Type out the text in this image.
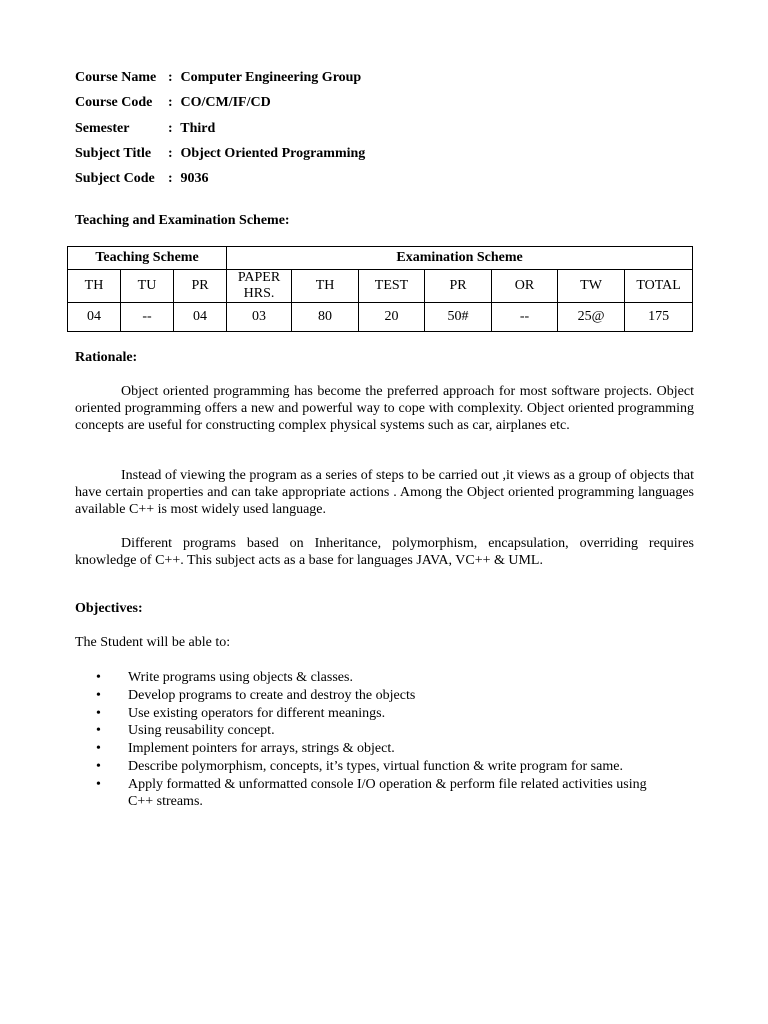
Course Name : Computer Engineering Group
Course Code : CO/CM/IF/CD
Semester	: Third
Subject Title : Object Oriented Programming
Subject Code : 9036
Teaching and Examination Scheme:
Teaching Scheme			Examination Scheme						
TH	TU	PR	PAPER HRS.	TH	TEST	PR	OR	TW	TOTAL
04	--	04	03	80	20	50#	--	25@	175
Rationale:
Object oriented programming has become the preferred approach for most software projects. Object oriented programming offers a new and powerful way to cope with complexity. Object oriented programming concepts are useful for constructing complex physical systems such as car, airplanes etc.
Instead of viewing the program as a series of steps to be carried out ,it views as a group of objects that have certain properties and can take appropriate actions . Among the Object oriented programming languages available C++ is most widely used language.
Different programs based on Inheritance, polymorphism, encapsulation, overriding requires knowledge of C++. This subject acts as a base for languages JAVA, VC++ & UML.
Objectives:
The Student will be able to:
• Write programs using objects & classes.
• Develop programs to create and destroy the objects
• Use existing operators for different meanings.
• Using reusability concept.
• Implement pointers for arrays, strings & object.
• Describe polymorphism, concepts, it’s types, virtual function & write program for same.
• Apply formatted & unformatted console I/O operation & perform file related activities using C++ streams.
